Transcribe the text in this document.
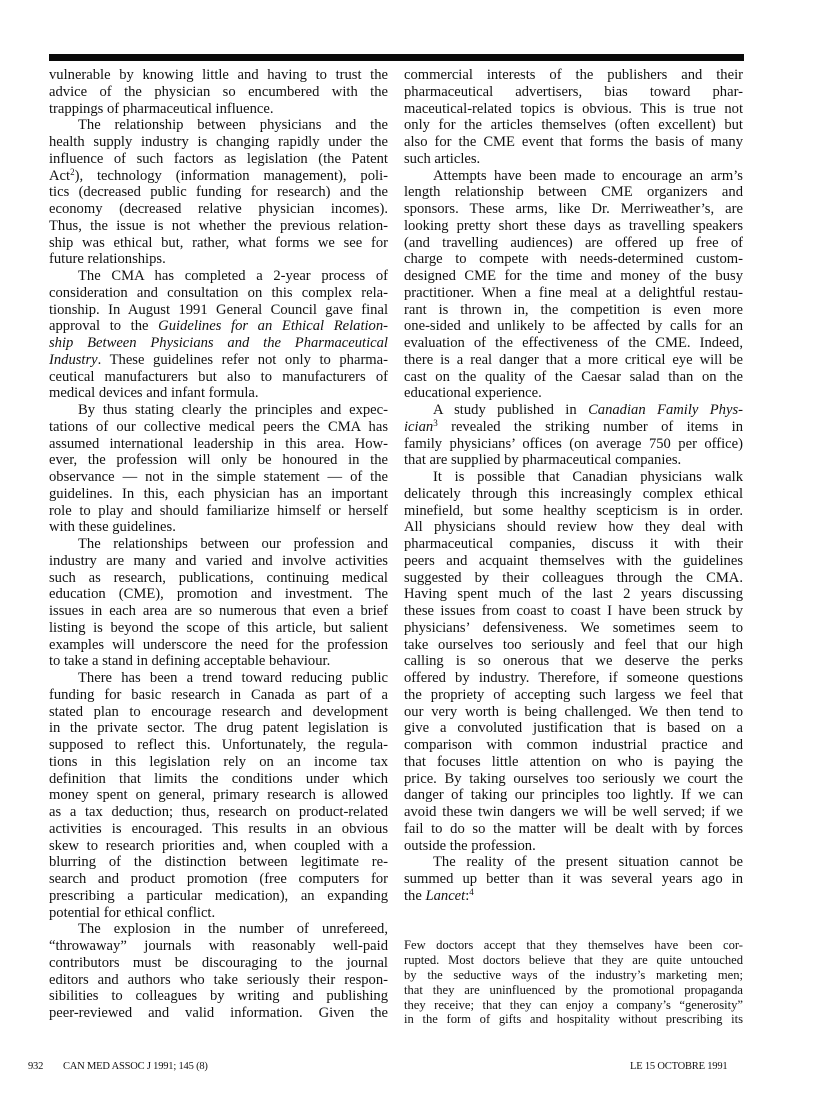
vulnerable by knowing little and having to trust the
advice of the physician so encumbered with the
trappings of pharmaceutical influence.
The relationship between physicians and the
health supply industry is changing rapidly under the
influence of such factors as legislation (the Patent
Act$^2$), technology (information management), poli-
tics (decreased public funding for research) and the
economy (decreased relative physician incomes).
Thus, the issue is not whether the previous relation-
ship was ethical but, rather, what forms we see for
future relationships.
The CMA has completed a 2-year process of
consideration and consultation on this complex rela-
tionship. In August 1991 General Council gave final
approval to the Guidelines for an Ethical Relation-
ship Between Physicians and the Pharmaceutical
Industry. These guidelines refer not only to pharma-
ceutical manufacturers but also to manufacturers of
medical devices and infant formula.
By thus stating clearly the principles and expec-
tations of our collective medical peers the CMA has
assumed international leadership in this area. How-
ever, the profession will only be honoured in the
observance — not in the simple statement — of the
guidelines. In this, each physician has an important
role to play and should familiarize himself or herself
with these guidelines.
The relationships between our profession and
industry are many and varied and involve activities
such as research, publications, continuing medical
education (CME), promotion and investment. The
issues in each area are so numerous that even a brief
listing is beyond the scope of this article, but salient
examples will underscore the need for the profession
to take a stand in defining acceptable behaviour.
There has been a trend toward reducing public
funding for basic research in Canada as part of a
stated plan to encourage research and development
in the private sector. The drug patent legislation is
supposed to reflect this. Unfortunately, the regula-
tions in this legislation rely on an income tax
definition that limits the conditions under which
money spent on general, primary research is allowed
as a tax deduction; thus, research on product-related
activities is encouraged. This results in an obvious
skew to research priorities and, when coupled with a
blurring of the distinction between legitimate re-
search and product promotion (free computers for
prescribing a particular medication), an expanding
potential for ethical conflict.
The explosion in the number of unrefereed,
“throwaway” journals with reasonably well-paid
contributors must be discouraging to the journal
editors and authors who take seriously their respon-
sibilities to colleagues by writing and publishing
peer-reviewed and valid information. Given the
commercial interests of the publishers and their
pharmaceutical advertisers, bias toward phar-
maceutical-related topics is obvious. This is true not
only for the articles themselves (often excellent) but
also for the CME event that forms the basis of many
such articles.
Attempts have been made to encourage an arm’s
length relationship between CME organizers and
sponsors. These arms, like Dr. Merriweather’s, are
looking pretty short these days as travelling speakers
(and travelling audiences) are offered up free of
charge to compete with needs-determined custom-
designed CME for the time and money of the busy
practitioner. When a fine meal at a delightful restau-
rant is thrown in, the competition is even more
one-sided and unlikely to be affected by calls for an
evaluation of the effectiveness of the CME. Indeed,
there is a real danger that a more critical eye will be
cast on the quality of the Caesar salad than on the
educational experience.
A study published in Canadian Family Phys-
ician$^3$ revealed the striking number of items in
family physicians’ offices (on average 750 per office)
that are supplied by pharmaceutical companies.
It is possible that Canadian physicians walk
delicately through this increasingly complex ethical
minefield, but some healthy scepticism is in order.
All physicians should review how they deal with
pharmaceutical companies, discuss it with their
peers and acquaint themselves with the guidelines
suggested by their colleagues through the CMA.
Having spent much of the last 2 years discussing
these issues from coast to coast I have been struck by
physicians’ defensiveness. We sometimes seem to
take ourselves too seriously and feel that our high
calling is so onerous that we deserve the perks
offered by industry. Therefore, if someone questions
the propriety of accepting such largess we feel that
our very worth is being challenged. We then tend to
give a convoluted justification that is based on a
comparison with common industrial practice and
that focuses little attention on who is paying the
price. By taking ourselves too seriously we court the
danger of taking our principles too lightly. If we can
avoid these twin dangers we will be well served; if we
fail to do so the matter will be dealt with by forces
outside the profession.
The reality of the present situation cannot be
summed up better than it was several years ago in
the Lancet:$^4$
Few doctors accept that they themselves have been cor-
rupted. Most doctors believe that they are quite untouched
by the seductive ways of the industry’s marketing men;
that they are uninfluenced by the promotional propaganda
they receive; that they can enjoy a company’s “generosity”
in the form of gifts and hospitality without prescribing its
932 CAN MED ASSOC J 1991; 145 (8)	LE 15 OCTOBRE 1991
